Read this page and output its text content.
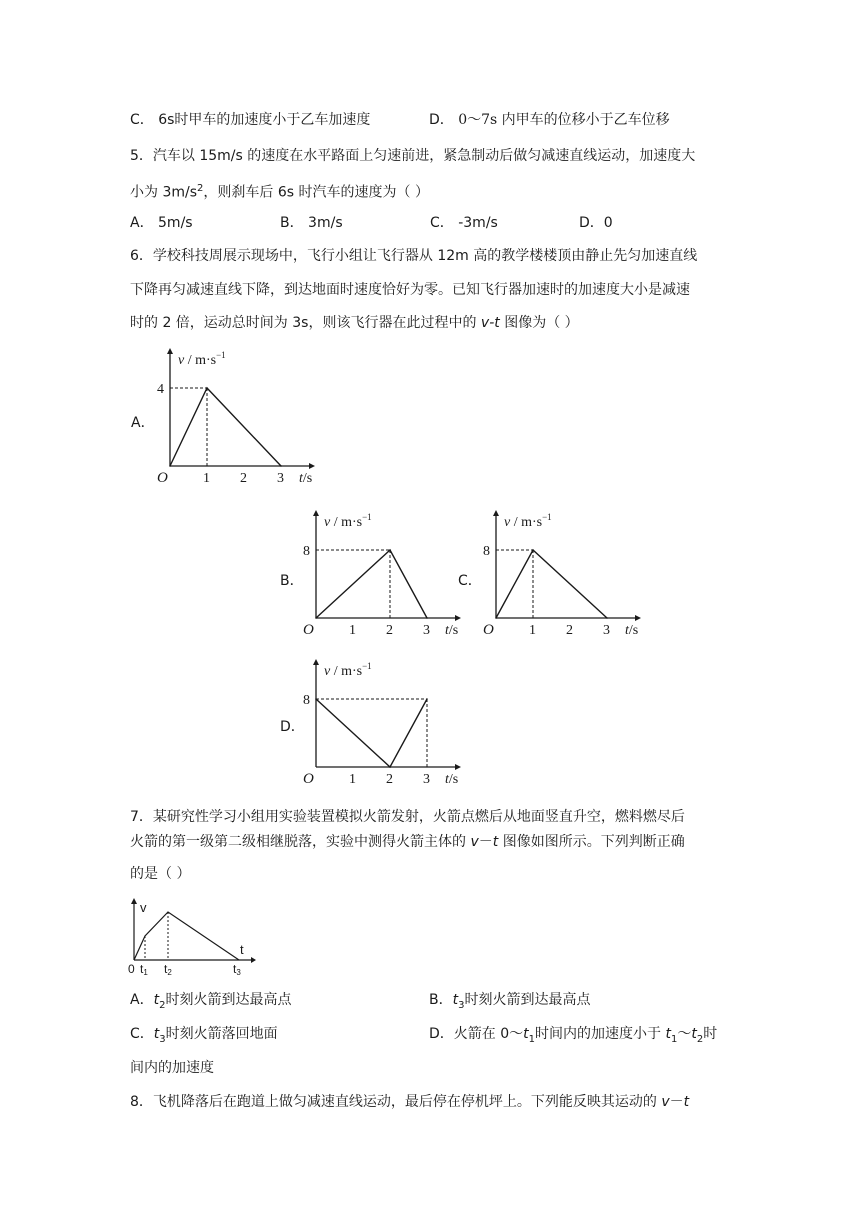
C． 6s时甲车的加速度小于乙车加速度	D． 0～7s 内甲车的位移小于乙车位移
5．汽车以 15m/s 的速度在水平路面上匀速前进，紧急制动后做匀减速直线运动，加速度大
小为 $3m/s^2$，则刹车后 6s 时汽车的速度为（ ）
A． 5m/s	B． 3m/s	C． -3m/s	D．0
6．学校科技周展示现场中，飞行小组让飞行器从 12m 高的教学楼楼顶由静止先匀加速直线
下降再匀减速直线下降，到达地面时速度恰好为零。已知飞行器加速时的加速度大小是减速
时的 2 倍，运动总时间为 3s，则该飞行器在此过程中的 v-t 图像为（ ）
A．
B．	C．
D．
$v / m\cdot s^{-1}$
t/s
O	1 2 3
4
$v / m\cdot s^{-1}$
t/s
O	1 2 3
8
$v / m\cdot s^{-1}$
t/s
O	1 2 3
8
$v / m\cdot s^{-1}$
t/s
O	1 2 3
8
7．某研究性学习小组用实验装置模拟火箭发射，火箭点燃后从地面竖直升空，燃料燃尽后
火箭的第一级第二级相继脱落，实验中测得火箭主体的 v－t 图像如图所示。下列判断正确
的是（ ）
v
t
0 t1 t2	t3
A．$t_2$时刻火箭到达最高点	B．$t_3$时刻火箭到达最高点
C．$t_3$时刻火箭落回地面	D．火箭在 $0\sim t_1$时间内的加速度小于 $t_1\sim t_2$时
间内的加速度
8．飞机降落后在跑道上做匀减速直线运动，最后停在停机坪上。下列能反映其运动的 v－t
